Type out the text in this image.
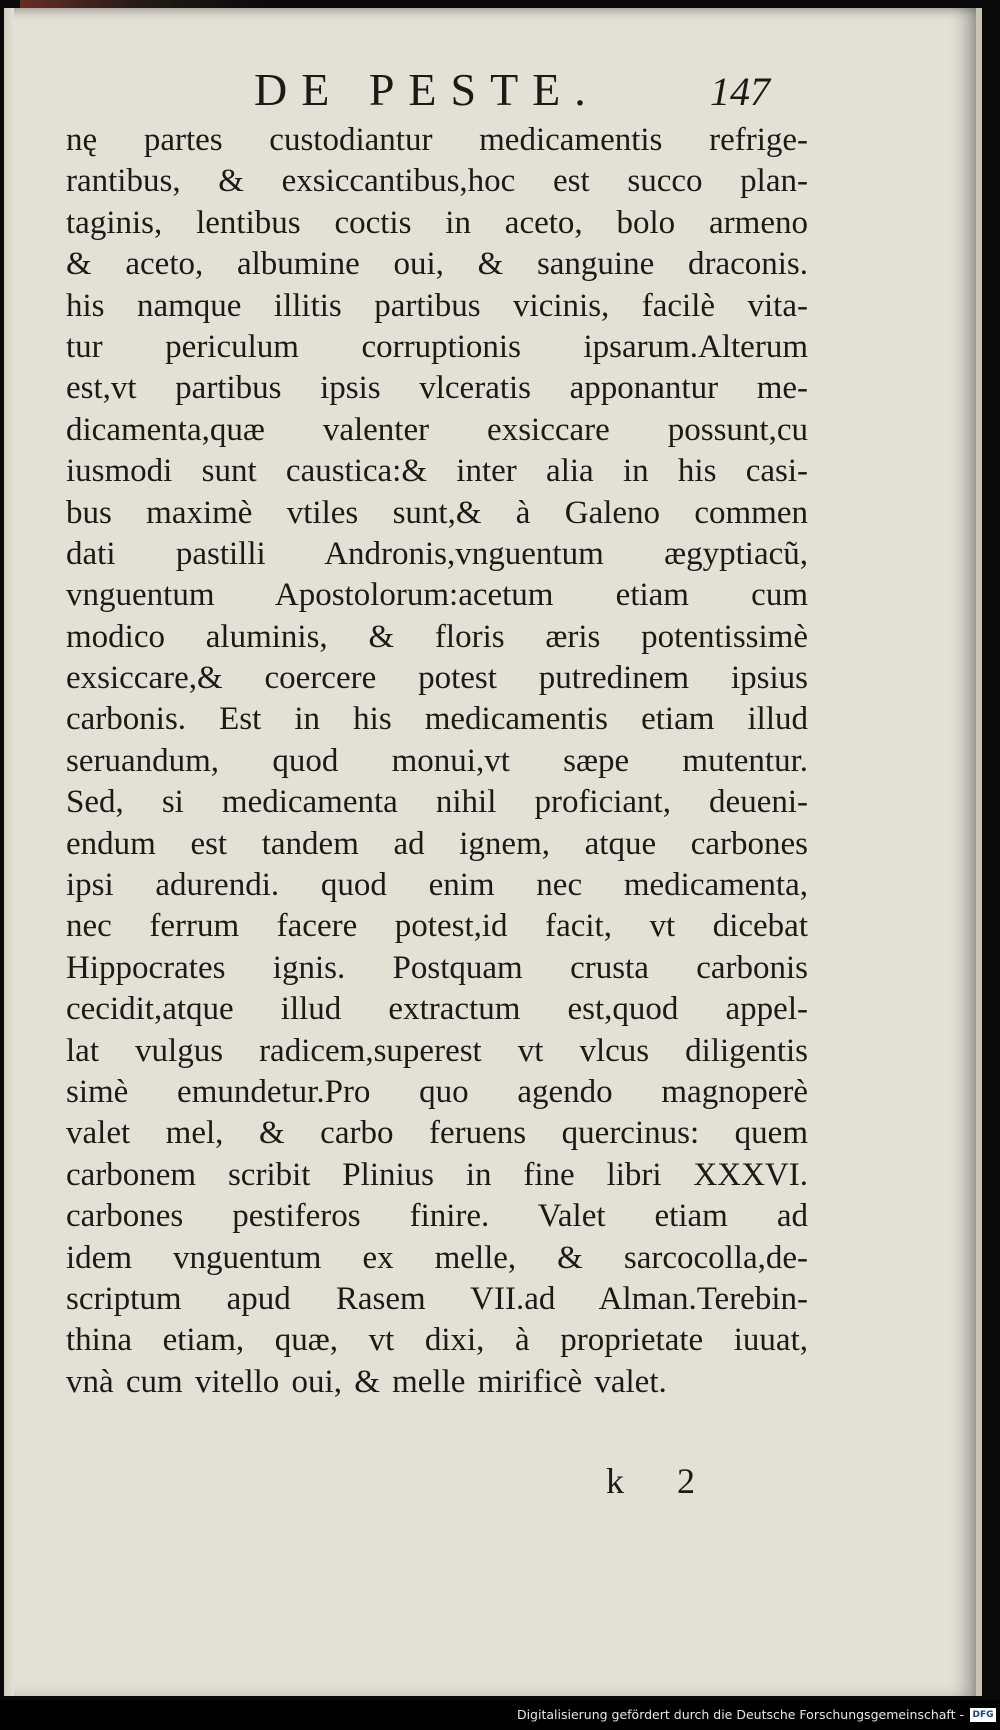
DE PESTE.	147
nę partes custodiantur medicamentis refrige-
rantibus, & exsiccantibus,hoc est succo plan-
taginis, lentibus coctis in aceto, bolo armeno
& aceto, albumine oui, & sanguine draconis.
his namque illitis partibus vicinis, facilè vita-
tur periculum corruptionis ipsarum.Alterum
est,vt partibus ipsis vlceratis apponantur me-
dicamenta,quæ valenter exsiccare possunt,cu
iusmodi sunt caustica:& inter alia in his casi-
bus maximè vtiles sunt,& à Galeno commen
dati pastilli Andronis,vnguentum ægyptiacũ,
vnguentum Apostolorum:acetum etiam cum
modico aluminis, & floris æris potentissimè
exsiccare,& coercere potest putredinem ipsius
carbonis. Est in his medicamentis etiam illud
seruandum, quod monui,vt sæpe mutentur.
Sed, si medicamenta nihil proficiant, deueni-
endum est tandem ad ignem, atque carbones
ipsi adurendi. quod enim nec medicamenta,
nec ferrum facere potest,id facit, vt dicebat
Hippocrates ignis. Postquam crusta carbonis
cecidit,atque illud extractum est,quod appel-
lat vulgus radicem,superest vt vlcus diligentis
simè emundetur.Pro quo agendo magnoperè
valet mel, & carbo feruens quercinus: quem
carbonem scribit Plinius in fine libri XXXVI.
carbones pestiferos finire. Valet etiam ad
idem vnguentum ex melle, & sarcocolla,de-
scriptum apud Rasem VII.ad Alman.Terebin-
thina etiam, quæ, vt dixi, à proprietate iuuat,
vnà cum vitello oui, & melle mirificè valet.
k 2
Digitalisierung gefördert durch die Deutsche Forschungsgemeinschaft - DFG
